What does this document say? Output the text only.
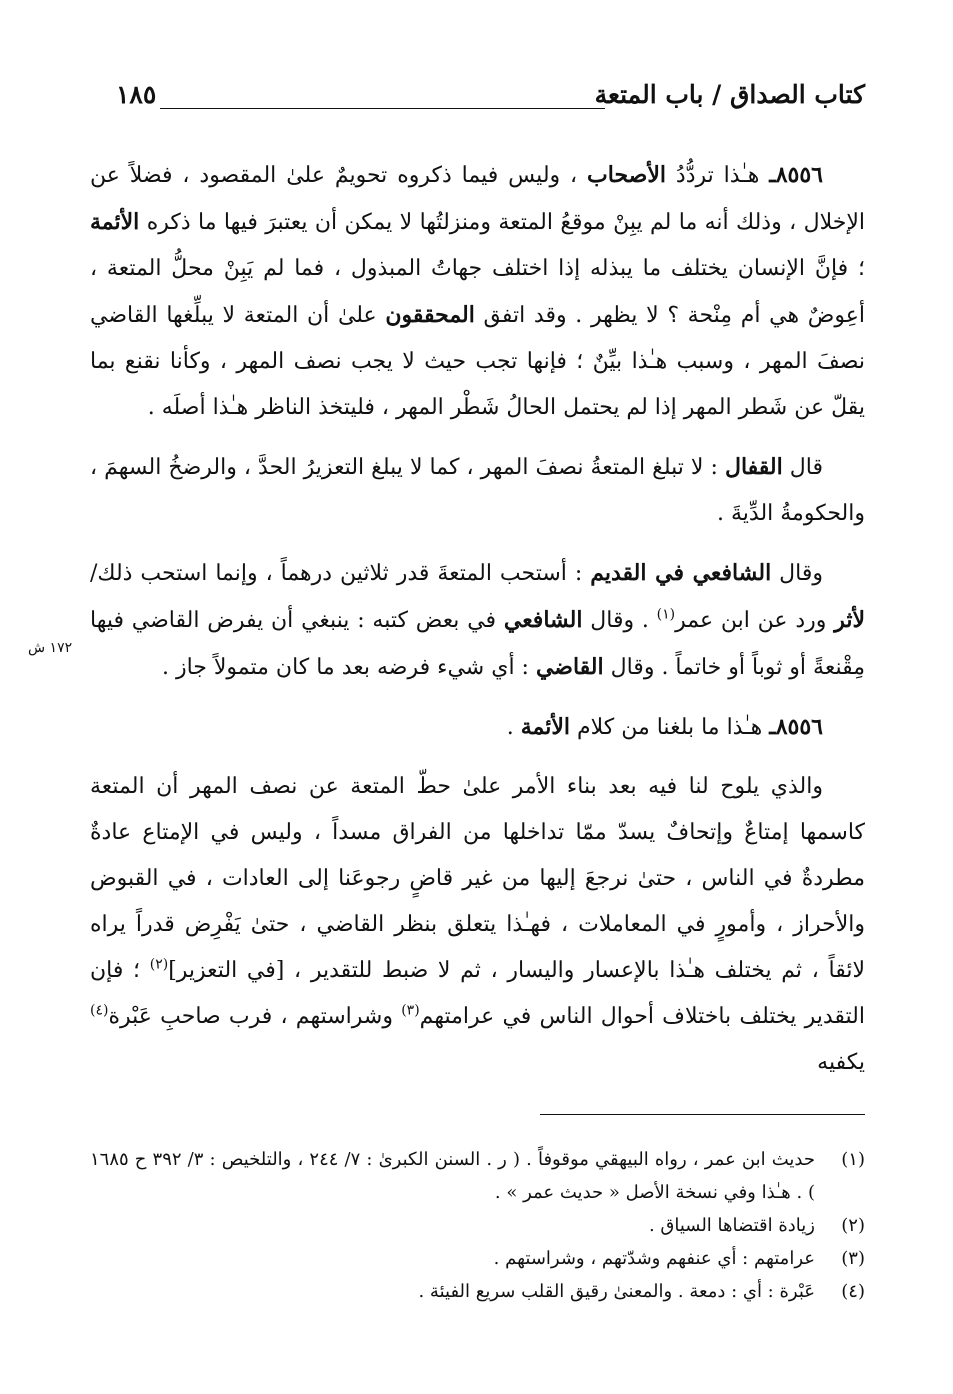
كتاب الصداق / باب المتعة
١٨٥
١٧٢ ش

٨٥٥٦ـ هـٰذا تردُّدُ الأصحاب ، وليس فيما ذكروه تحويمٌ علىٰ المقصود ، فضلاً عن الإخلال ، وذلك أنه ما لم يبِنْ موقعُ المتعة ومنزلتُها لا يمكن أن يعتبرَ فيها ما ذكره الأئمة ؛ فإنَّ الإنسان يختلف ما يبذله إذا اختلف جهاتُ المبذول ، فما لم يَبِنْ محلُّ المتعة ، أعِوضٌ هي أم مِنْحة ؟ لا يظهر . وقد اتفق المحققون علىٰ أن المتعة لا يبلِّغها القاضي نصفَ المهر ، وسبب هـٰذا بيِّنٌ ؛ فإنها تجب حيث لا يجب نصف المهر ، وكأنا نقنع بما يقلّ عن شَطر المهر إذا لم يحتمل الحالُ شَطْر المهر ، فليتخذ الناظر هـٰذا أصلَه .

قال القفال : لا تبلغ المتعةُ نصفَ المهر ، كما لا يبلغ التعزيرُ الحدَّ ، والرضخُ السهمَ ، والحكومةُ الدِّيةَ .

وقال الشافعي في القديم : أستحب المتعةَ قدر ثلاثين درهماً ، وإنما استحب ذلك/ لأثر ورد عن ابن عمر$^{(١)}$ . وقال الشافعي في بعض كتبه : ينبغي أن يفرض القاضي فيها مِقْنعةً أو ثوباً أو خاتماً . وقال القاضي : أي شيء فرضه بعد ما كان متمولاً جاز .

٨٥٥٦ـ هـٰذا ما بلغنا من كلام الأئمة .

والذي يلوح لنا فيه بعد بناء الأمر علىٰ حطّ المتعة عن نصف المهر أن المتعة كاسمها إمتاعٌ وإتحافٌ يسدّ ممّا تداخلها من الفراق مسداً ، وليس في الإمتاع عادةٌ مطردةٌ في الناس ، حتىٰ نرجعَ إليها من غير قاضٍ رجوعَنا إلى العادات ، في القبوض والأحراز ، وأمورٍ في المعاملات ، فهـٰذا يتعلق بنظر القاضي ، حتىٰ يَفْرِض قدراً يراه لائقاً ، ثم يختلف هـٰذا بالإعسار واليسار ، ثم لا ضبط للتقدير ، [في التعزير]$^{(٢)}$ ؛ فإن التقدير يختلف باختلاف أحوال الناس في عرامتهم$^{(٣)}$ وشراستهم ، فرب صاحبِ عَبْرة$^{(٤)}$ يكفيه

(١)
حديث ابن عمر ، رواه البيهقي موقوفاً . ( ر . السنن الكبرىٰ : ٧/ ٢٤٤ ، والتلخيص : ٣/ ٣٩٢ ح ١٦٨٥ ) . هـٰذا وفي نسخة الأصل « حديث عمر » .
(٢)
زيادة اقتضاها السياق .
(٣)
عرامتهم : أي عنفهم وشدّتهم ، وشراستهم .
(٤)
عَبْرة : أي : دمعة . والمعنىٰ رقيق القلب سريع الفيئة .
